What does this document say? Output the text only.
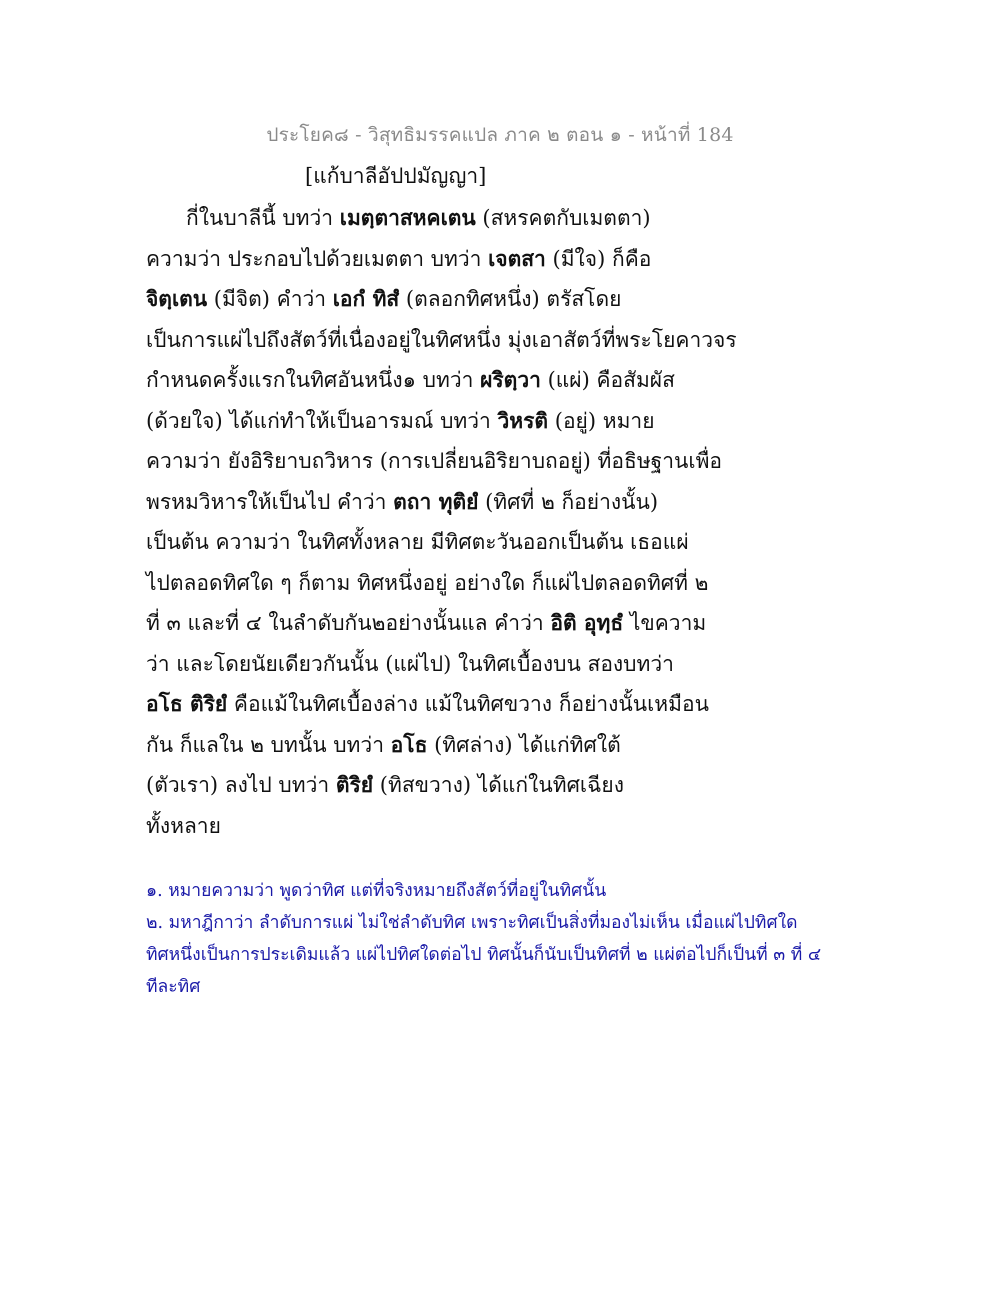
ประโยค๘ - วิสุทธิมรรคแปล ภาค ๒ ตอน ๑ - หน้าที่ 184
[แก้บาลีอัปปมัญญา]
กี่ในบาลีนี้ บทว่า เมตฺตาสหคเตน (สหรคตกับเมตตา)
ความว่า ประกอบไปด้วยเมตตา บทว่า เจตสา (มีใจ) ก็คือ
จิตฺเตน (มีจิต) คำว่า เอกํ ทิสํ (ตลอกทิศหนึ่ง) ตรัสโดย
เป็นการแผ่ไปถึงสัตว์ที่เนื่องอยู่ในทิศหนึ่ง มุ่งเอาสัตว์ที่พระโยคาวจร
กำหนดครั้งแรกในทิศอันหนึ่ง๑ บทว่า ผริตฺวา (แผ่) คือสัมผัส
(ด้วยใจ) ได้แก่ทำให้เป็นอารมณ์ บทว่า วิหรติ (อยู่) หมาย
ความว่า ยังอิริยาบถวิหาร (การเปลี่ยนอิริยาบถอยู่) ที่อธิษฐานเพื่อ
พรหมวิหารให้เป็นไป คำว่า ตถา ทุติยํ (ทิศที่ ๒ ก็อย่างนั้น)
เป็นต้น ความว่า ในทิศทั้งหลาย มีทิศตะวันออกเป็นต้น เธอแผ่
ไปตลอดทิศใด ๆ ก็ตาม ทิศหนึ่งอยู่ อย่างใด ก็แผ่ไปตลอดทิศที่ ๒
ที่ ๓ และที่ ๔ ในลำดับกัน๒อย่างนั้นแล คำว่า อิติ อุทฺธํ ไขความ
ว่า และโดยนัยเดียวกันนั้น (แผ่ไป) ในทิศเบื้องบน สองบทว่า
อโธ ติริยํ คือแม้ในทิศเบื้องล่าง แม้ในทิศขวาง ก็อย่างนั้นเหมือน
กัน ก็แลใน ๒ บทนั้น บทว่า อโธ (ทิศล่าง) ได้แก่ทิศใต้
(ตัวเรา) ลงไป บทว่า ติริยํ (ทิสขวาง) ได้แก่ในทิศเฉียง
ทั้งหลาย
๑. หมายความว่า พูดว่าทิศ แต่ที่จริงหมายถึงสัตว์ที่อยู่ในทิศนั้น
๒. มหาฎีกาว่า ลำดับการแผ่ ไม่ใช่ลำดับทิศ เพราะทิศเป็นสิ่งที่มองไม่เห็น เมื่อแผ่ไปทิศใด
ทิศหนึ่งเป็นการประเดิมแล้ว แผ่ไปทิศใดต่อไป ทิศนั้นก็นับเป็นทิศที่ ๒ แผ่ต่อไปก็เป็นที่ ๓ ที่ ๔
ทีละทิศ
